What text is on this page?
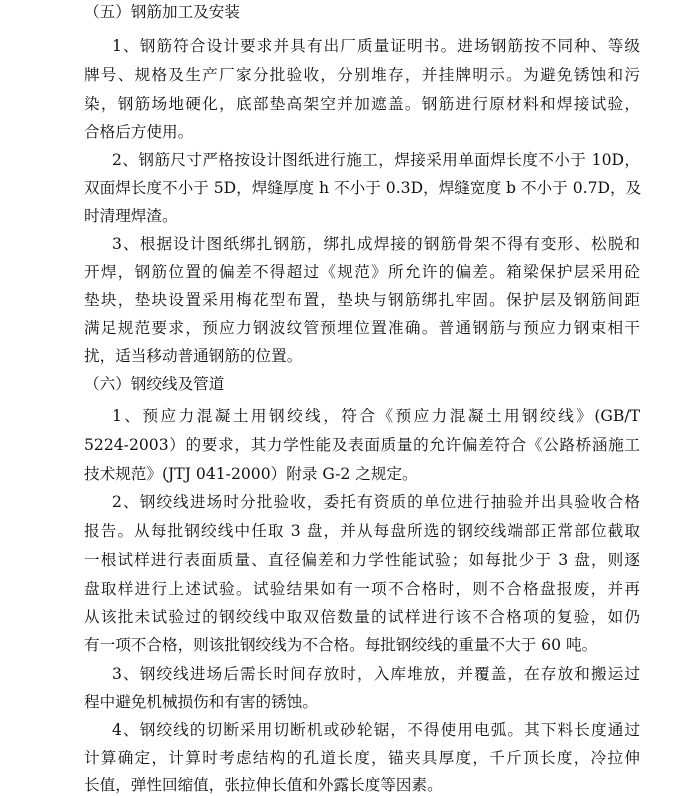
（五）钢筋加工及安装
1、钢筋符合设计要求并具有出厂质量证明书。进场钢筋按不同种、等级
牌号、规格及生产厂家分批验收，分别堆存，并挂牌明示。为避免锈蚀和污
染，钢筋场地硬化，底部垫高架空并加遮盖。钢筋进行原材料和焊接试验，
合格后方使用。
2、钢筋尺寸严格按设计图纸进行施工，焊接采用单面焊长度不小于 10D，
双面焊长度不小于 5D，焊缝厚度 h 不小于 0.3D，焊缝宽度 b 不小于 0.7D，及
时清理焊渣。
3、根据设计图纸绑扎钢筋，绑扎成焊接的钢筋骨架不得有变形、松脱和
开焊，钢筋位置的偏差不得超过《规范》所允许的偏差。箱梁保护层采用砼
垫块，垫块设置采用梅花型布置，垫块与钢筋绑扎牢固。保护层及钢筋间距
满足规范要求，预应力钢波纹管预埋位置准确。普通钢筋与预应力钢束相干
扰，适当移动普通钢筋的位置。
（六）钢绞线及管道
1、预应力混凝土用钢绞线，符合《预应力混凝土用钢绞线》(GB/T
5224-2003）的要求，其力学性能及表面质量的允许偏差符合《公路桥涵施工
技术规范》(JTJ 041-2000）附录 G-2 之规定。
2、钢绞线进场时分批验收，委托有资质的单位进行抽验并出具验收合格
报告。从每批钢绞线中任取 3 盘，并从每盘所选的钢绞线端部正常部位截取
一根试样进行表面质量、直径偏差和力学性能试验；如每批少于 3 盘，则逐
盘取样进行上述试验。试验结果如有一项不合格时，则不合格盘报废，并再
从该批未试验过的钢绞线中取双倍数量的试样进行该不合格项的复验，如仍
有一项不合格，则该批钢绞线为不合格。每批钢绞线的重量不大于 60 吨。
3、钢绞线进场后需长时间存放时，入库堆放，并覆盖，在存放和搬运过
程中避免机械损伤和有害的锈蚀。
4、钢绞线的切断采用切断机或砂轮锯，不得使用电弧。其下料长度通过
计算确定，计算时考虑结构的孔道长度，锚夹具厚度，千斤顶长度，冷拉伸
长值，弹性回缩值，张拉伸长值和外露长度等因素。
